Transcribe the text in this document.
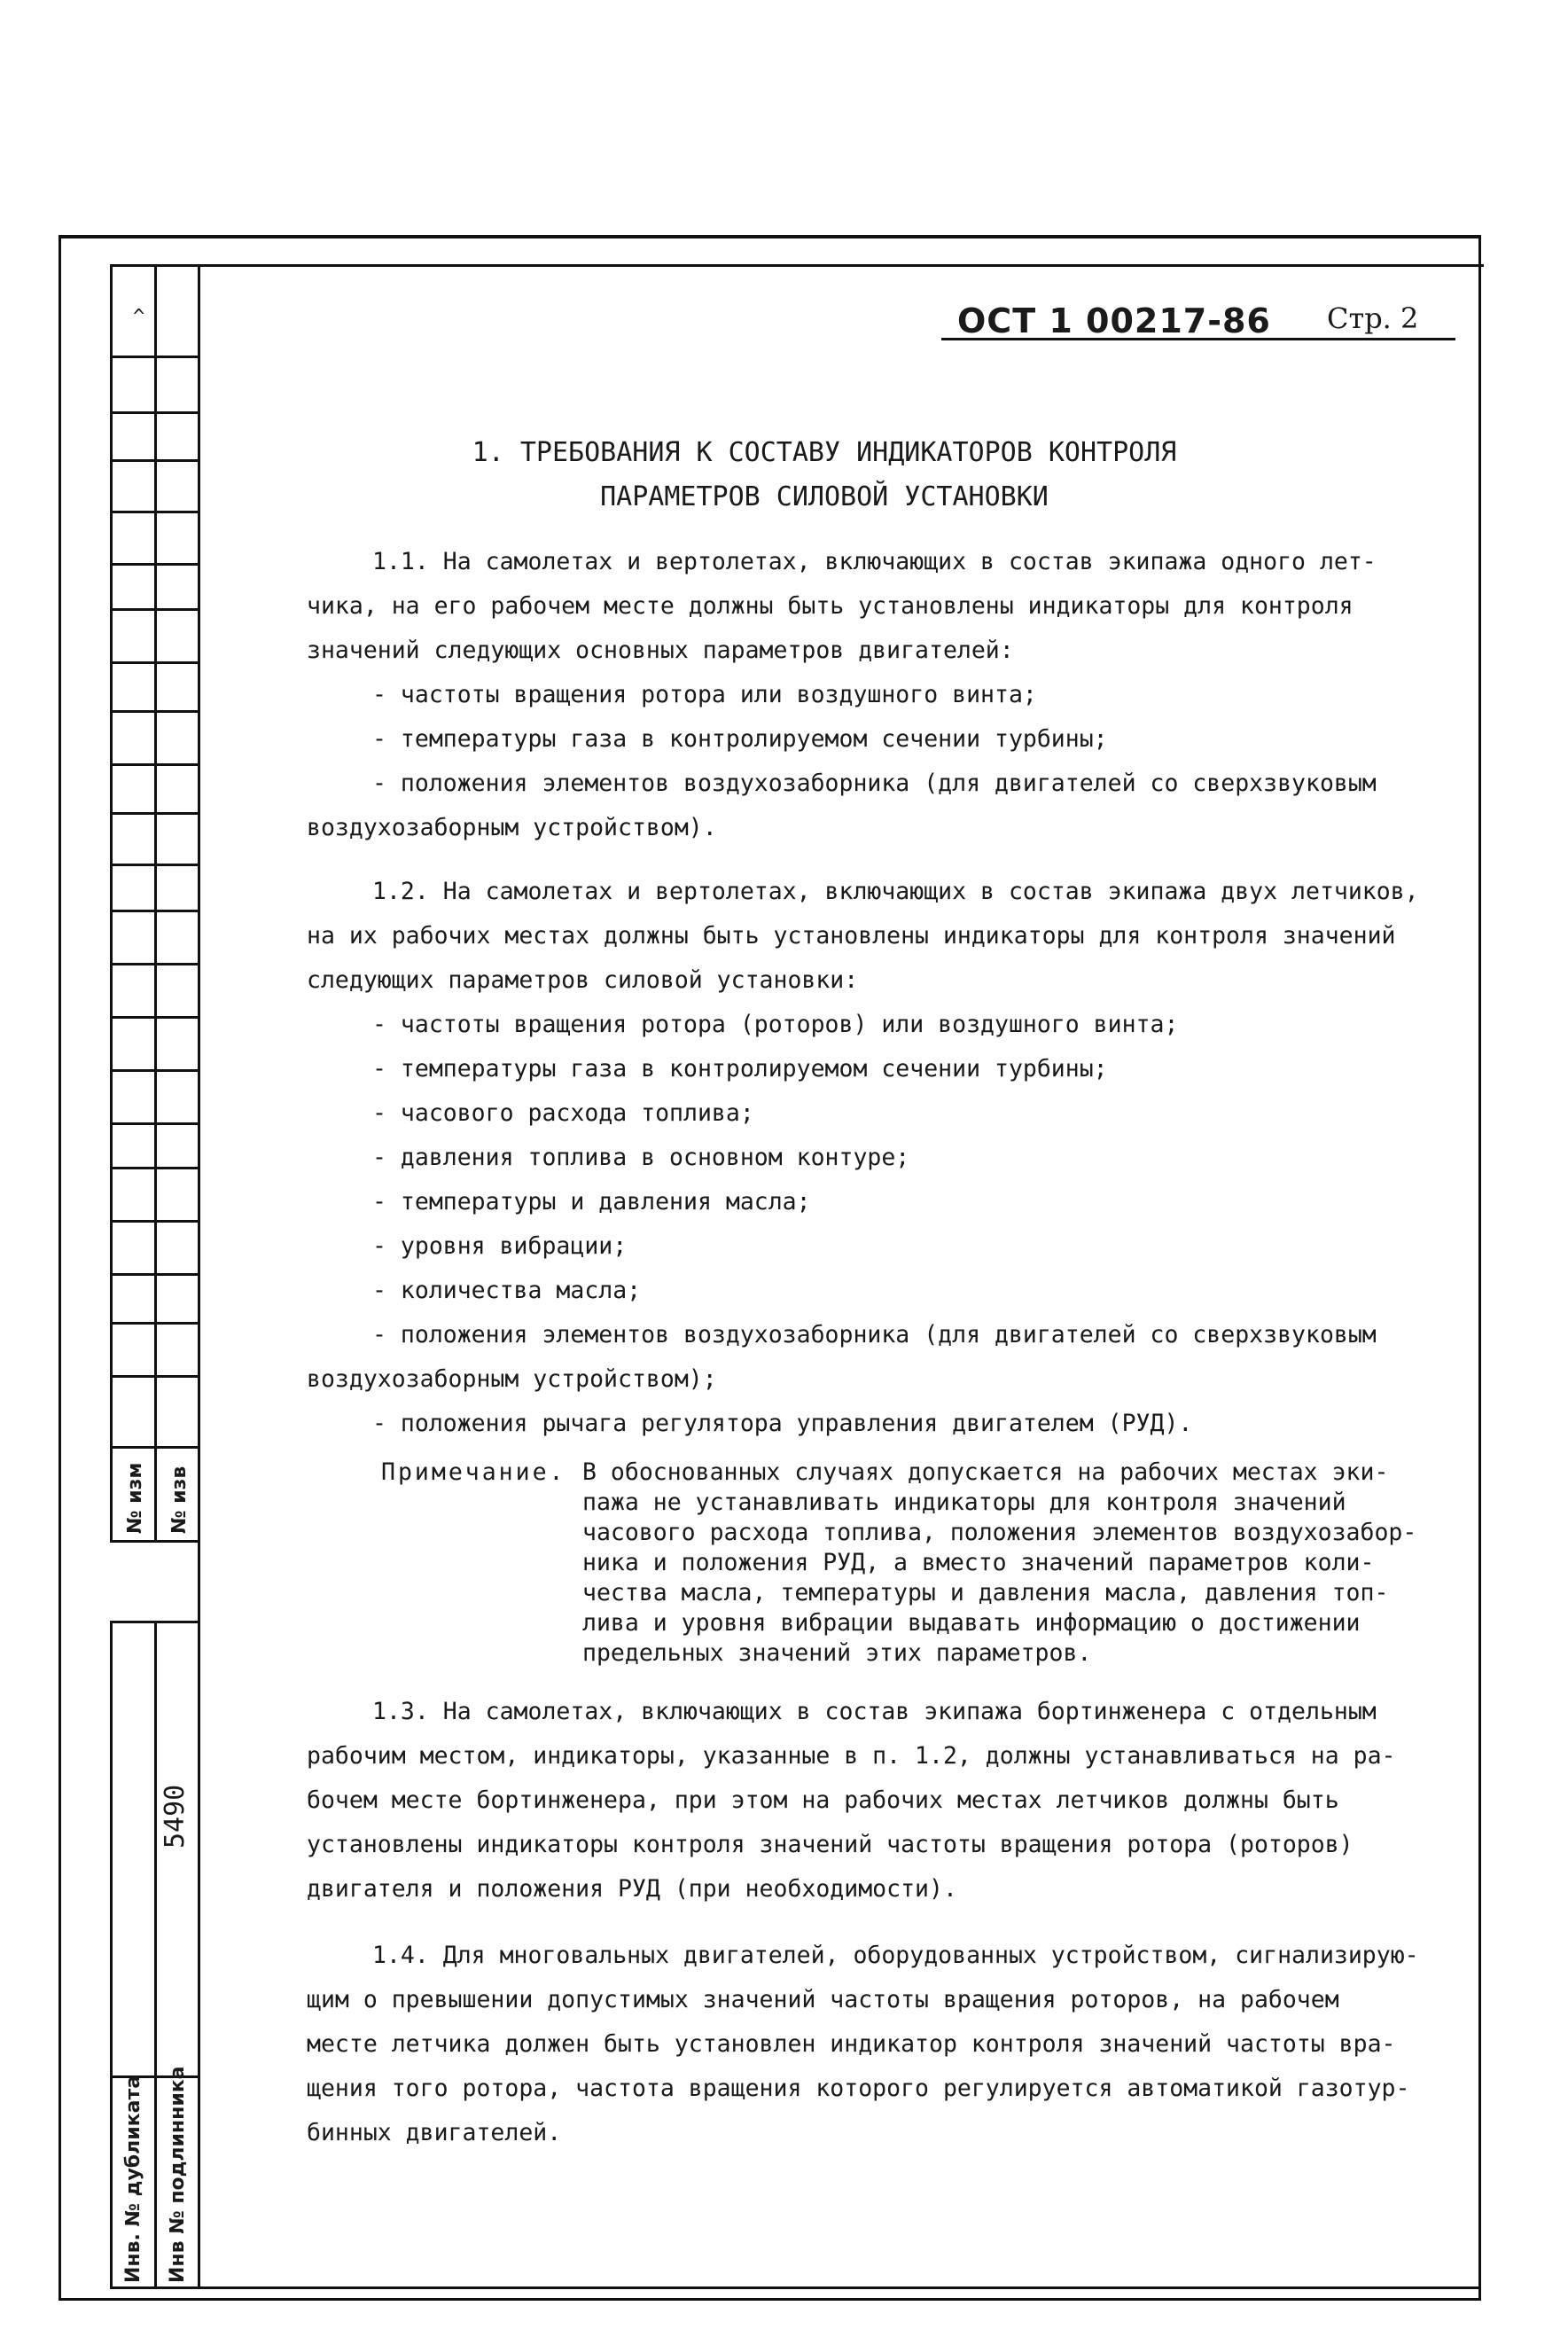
^
№ изм № изв
5490
Инв. № дубликата Инв № подлинника
ОСТ 1 00217-86 Стр. 2
1. ТРЕБОВАНИЯ К СОСТАВУ ИНДИКАТОРОВ КОНТРОЛЯ
ПАРАМЕТРОВ СИЛОВОЙ УСТАНОВКИ
1.1. На самолетах и вертолетах, включающих в состав экипажа одного лет-
чика, на его рабочем месте должны быть установлены индикаторы для контроля
значений следующих основных параметров двигателей:
- частоты вращения ротора или воздушного винта;
- температуры газа в контролируемом сечении турбины;
- положения элементов воздухозаборника (для двигателей со сверхзвуковым
воздухозаборным устройством).
1.2. На самолетах и вертолетах, включающих в состав экипажа двух летчиков,
на их рабочих местах должны быть установлены индикаторы для контроля значений
следующих параметров силовой установки:
- частоты вращения ротора (роторов) или воздушного винта;
- температуры газа в контролируемом сечении турбины;
- часового расхода топлива;
- давления топлива в основном контуре;
- температуры и давления масла;
- уровня вибрации;
- количества масла;
- положения элементов воздухозаборника (для двигателей со сверхзвуковым
воздухозаборным устройством);
- положения рычага регулятора управления двигателем (РУД).
Примечание. В обоснованных случаях допускается на рабочих местах эки-
пажа не устанавливать индикаторы для контроля значений
часового расхода топлива, положения элементов воздухозабор-
ника и положения РУД, а вместо значений параметров коли-
чества масла, температуры и давления масла, давления топ-
лива и уровня вибрации выдавать информацию о достижении
предельных значений этих параметров.
1.3. На самолетах, включающих в состав экипажа бортинженера с отдельным
рабочим местом, индикаторы, указанные в п. 1.2, должны устанавливаться на ра-
бочем месте бортинженера, при этом на рабочих местах летчиков должны быть
установлены индикаторы контроля значений частоты вращения ротора (роторов)
двигателя и положения РУД (при необходимости).
1.4. Для многовальных двигателей, оборудованных устройством, сигнализирую-
щим о превышении допустимых значений частоты вращения роторов, на рабочем
месте летчика должен быть установлен индикатор контроля значений частоты вра-
щения того ротора, частота вращения которого регулируется автоматикой газотур-
бинных двигателей.
